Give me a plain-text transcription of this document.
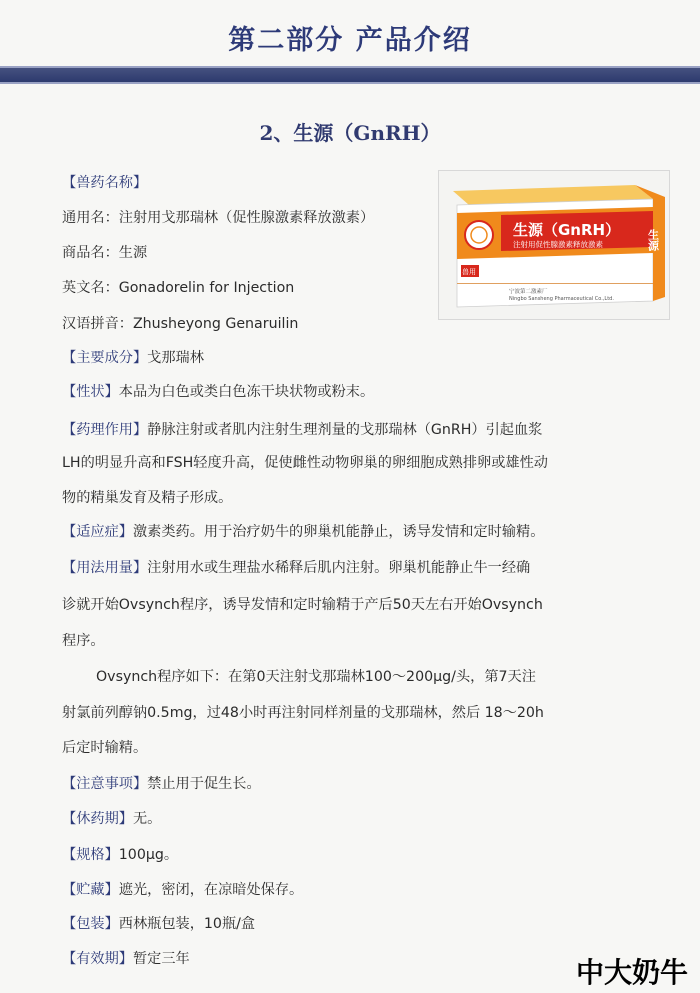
第二部分 产品介绍
2、生源（GnRH）
生源（GnRH）
注射用促性腺激素释放激素	生源
兽用
宁波第二激素厂
Ningbo Sansheng Pharmaceutical Co.,Ltd.
【兽药名称】
通用名：注射用戈那瑞林（促性腺激素释放激素）
商品名：生源
英文名：Gonadorelin for Injection
汉语拼音：Zhusheyong Genaruilin
【主要成分】戈那瑞林
【性状】本品为白色或类白色冻干块状物或粉末。
【药理作用】静脉注射或者肌内注射生理剂量的戈那瑞林（GnRH）引起血浆
LH的明显升高和FSH轻度升高，促使雌性动物卵巢的卵细胞成熟排卵或雄性动
物的精巢发育及精子形成。
【适应症】激素类药。用于治疗奶牛的卵巢机能静止，诱导发情和定时输精。
【用法用量】注射用水或生理盐水稀释后肌内注射。卵巢机能静止牛一经确
诊就开始Ovsynch程序，诱导发情和定时输精于产后50天左右开始Ovsynch
程序。
Ovsynch程序如下：在第0天注射戈那瑞林100～200μg/头，第7天注
射氯前列醇钠0.5mg，过48小时再注射同样剂量的戈那瑞林，然后 18～20h
后定时输精。
【注意事项】禁止用于促生长。
【休药期】无。
【规格】100μg。
【贮藏】遮光，密闭，在凉暗处保存。
【包装】西林瓶包装，10瓶/盒
【有效期】暂定三年	中大奶牛
